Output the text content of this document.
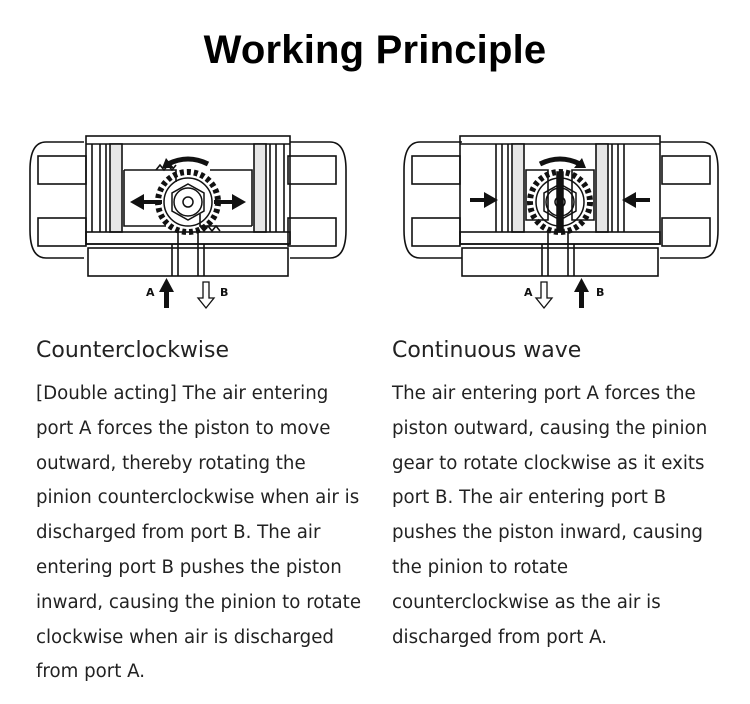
Working Principle
A	B	A	B
Counterclockwise

[Double acting] The air entering port A forces the piston to move outward, thereby rotating the pinion counterclockwise when air is discharged from port B. The air entering port B pushes the piston inward, causing the pinion to rotate clockwise when air is discharged from port A.

Continuous wave

The air entering port A forces the piston outward, causing the pinion gear to rotate clockwise as it exits port B. The air entering port B pushes the piston inward, causing the pinion to rotate counterclockwise as the air is discharged from port A.
